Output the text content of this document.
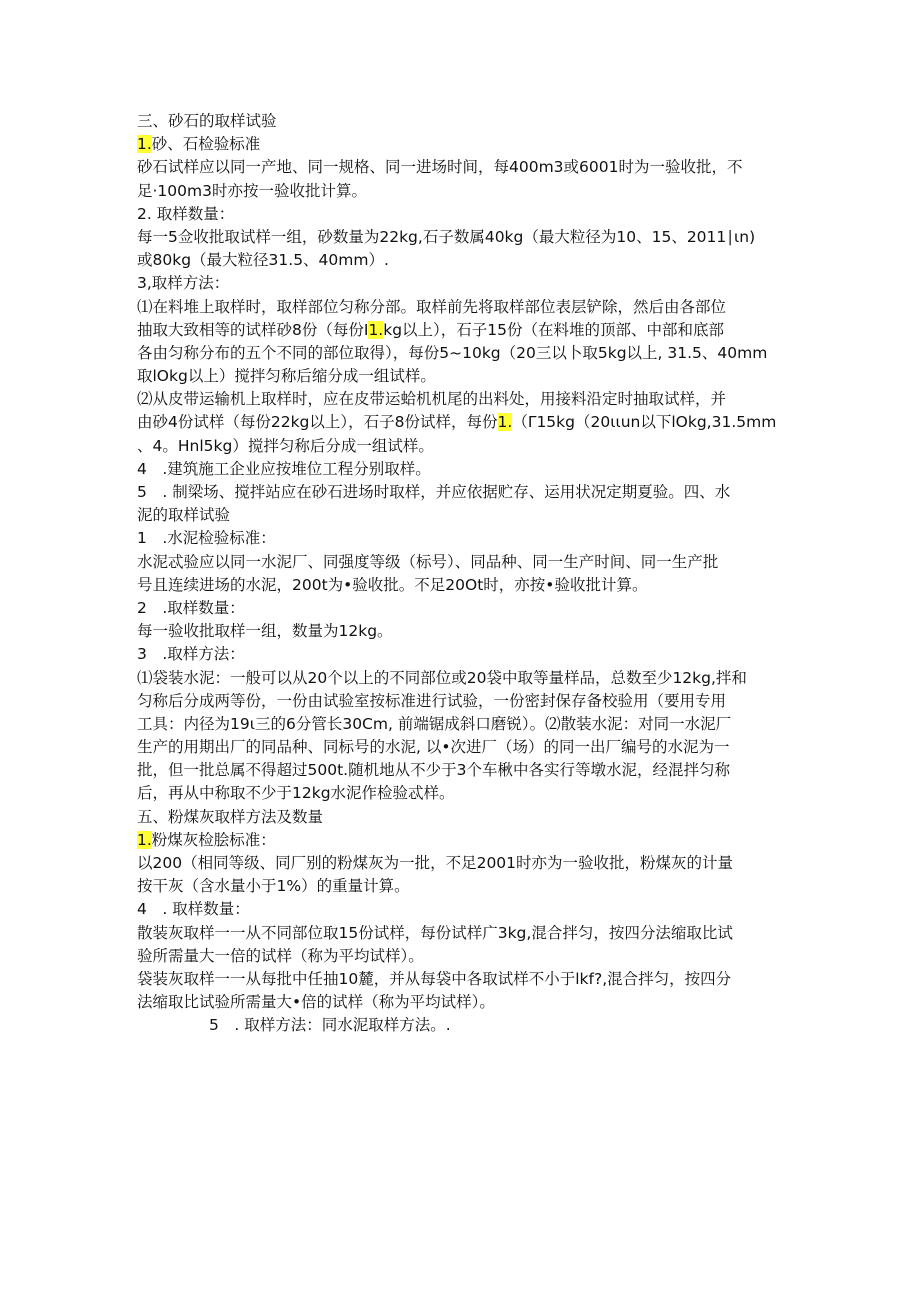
三、砂石的取样试验
1.砂、石检验标准
砂石试样应以同一产地、同一规格、同一进场时间，每400m3或6001时为一验收批，不
足·100m3时亦按一验收批计算。
2. 取样数量：
每一5佥收批取试样一组，砂数量为22kg,石子数属40kg（最大粒径为10、15、2011∣ιn)
或80kg（最大粒径31.5、40mm）.
3,取样方法：
⑴在料堆上取样时，取样部位匀称分部。取样前先将取样部位表层铲除，然后由各部位
抽取大致相等的试样砂8份（每份I1.kg以上），石子15份（在料堆的顶部、中部和底部
各由匀称分布的五个不同的部位取得），每份5~10kg（20三以卜取5kg以上, 31.5、40mm
取lOkg以上）搅拌匀称后缩分成一组试样。
⑵从皮带运输机上取样时，应在皮带运蛤机机尾的出料处，用接料沿定时抽取试样，并
由砂4份试样（每份22kg以上），石子8份试样，每份1.（Γ15kg（20ιιun以下lOkg,31.5mm
、4。Hnl5kg）搅拌匀称后分成一组试样。
4　.建筑施工企业应按堆位工程分别取样。
5　. 制梁场、搅拌站应在砂石进场时取样，并应依据贮存、运用状况定期夏验。四、水
泥的取样试验
1　.水泥检验标准：
水泥忒验应以同一水泥厂、同强度等级（标号）、同品种、同一生产时间、同一生产批
号且连续进场的水泥，200t为•验收批。不足20Ot时，亦按•验收批计算。
2　.取样数量：
每一验收批取样一组，数量为12kg。
3　.取样方法：
⑴袋装水泥：一般可以从20个以上的不同部位或20袋中取等量样品，总数至少12kg,拌和
匀称后分成两等份，一份由试验室按标准进行试验，一份密封保存备校验用（要用专用
工具：内径为19ι三的6分管长30Cm, 前端锯成斜口磨锐）。⑵散装水泥：对同一水泥厂
生产的用期出厂的同品种、同标号的水泥, 以•次进厂（场）的同一出厂编号的水泥为一
批，但一批总属不得超过500t.随机地从不少于3个车楸中各实行等墩水泥，经混拌匀称
后，再从中称取不少于12kg水泥作检验忒样。
五、粉煤灰取样方法及数量
1.粉煤灰检脍标准：
以200（相同等级、同厂别的粉煤灰为一批，不足2001时亦为一验收批，粉煤灰的计量
按干灰（含水量小于1%）的重量计算。
4　. 取样数量：
散装灰取样一一从不同部位取15份试样，每份试样广3kg,混合拌匀，按四分法缩取比试
验所需量大一倍的试样（称为平均试样）。
袋装灰取样一一从每批中任抽10麓，并从每袋中各取试样不小于lkf?,混合拌匀，按四分
法缩取比试验所需量大•倍的试样（称为平均试样）。
5　. 取样方法：同水泥取样方法。.
